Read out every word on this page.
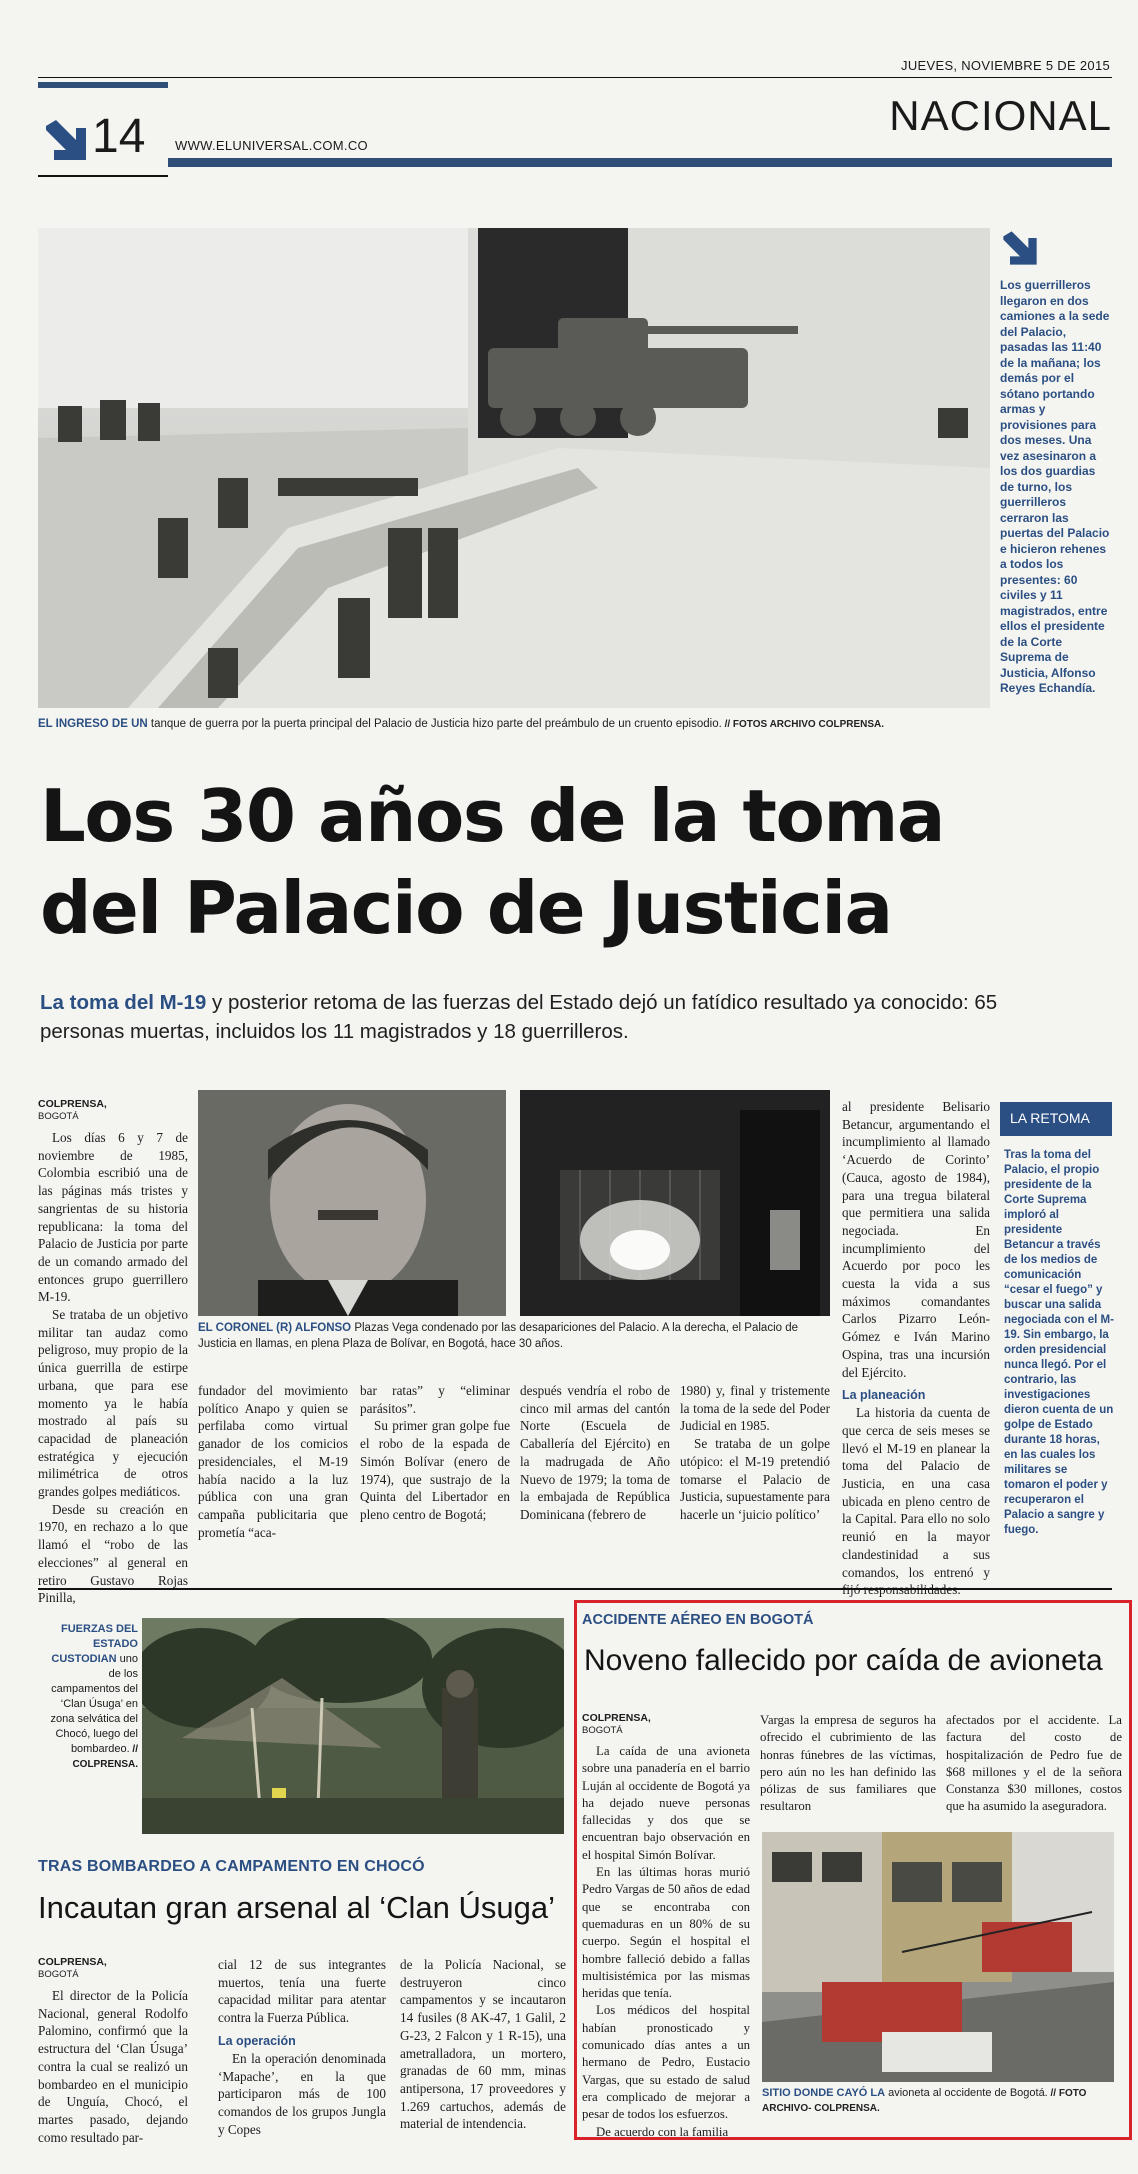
JUEVES, NOVIEMBRE 5 DE 2015
NACIONAL
14 WWW.ELUNIVERSAL.COM.CO
Los guerrilleros llegaron en dos camiones a la sede del Palacio, pasadas las 11:40 de la mañana; los demás por el sótano portando armas y provisiones para dos meses. Una vez asesinaron a los dos guardias de turno, los guerrilleros cerraron las puertas del Palacio e hicieron rehenes a todos los presentes: 60 civiles y 11 magistrados, entre ellos el presidente de la Corte Suprema de Justicia, Alfonso Reyes Echandía.
EL INGRESO DE UN tanque de guerra por la puerta principal del Palacio de Justicia hizo parte del preámbulo de un cruento episodio. // FOTOS ARCHIVO COLPRENSA.
Los 30 años de la toma
del Palacio de Justicia
La toma del M-19 y posterior retoma de las fuerzas del Estado dejó un fatídico resultado ya conocido: 65 personas muertas, incluidos los 11 magistrados y 18 guerrilleros.
COLPRENSA,
BOGOTÁ

Los días 6 y 7 de noviembre de 1985, Colombia escribió una de las páginas más tristes y sangrientas de su historia republicana: la toma del Palacio de Justicia por parte de un comando armado del entonces grupo guerrillero M-19.

Se trataba de un objetivo militar tan audaz como peligroso, muy propio de la única guerrilla de estirpe urbana, que para ese momento ya le había mostrado al país su capacidad de planeación estratégica y ejecución milimétrica de otros grandes golpes mediáticos.

Desde su creación en 1970, en rechazo a lo que llamó el “robo de las elecciones” al general en retiro Gustavo Rojas Pinilla,

EL CORONEL (R) ALFONSO Plazas Vega condenado por las desapariciones del Palacio. A la derecha, el Palacio de Justicia en llamas, en plena Plaza de Bolívar, en Bogotá, hace 30 años.

fundador del movimiento político Anapo y quien se perfilaba como virtual ganador de los comicios presidenciales, el M-19 había nacido a la luz pública con una gran campaña publicitaria que prometía “aca-

bar ratas” y “eliminar parásitos”.

Su primer gran golpe fue el robo de la espada de Simón Bolívar (enero de 1974), que sustrajo de la Quinta del Libertador en pleno centro de Bogotá;

después vendría el robo de cinco mil armas del cantón Norte (Escuela de Caballería del Ejército) en la madrugada de Año Nuevo de 1979; la toma de la embajada de República Dominicana (febrero de

1980) y, final y tristemente la toma de la sede del Poder Judicial en 1985.

Se trataba de un golpe utópico: el M-19 pretendió tomarse el Palacio de Justicia, supuestamente para hacerle un ‘juicio político’

al presidente Belisario Betancur, argumentando el incumplimiento al llamado ‘Acuerdo de Corinto’ (Cauca, agosto de 1984), para una tregua bilateral que permitiera una salida negociada. En incumplimiento del Acuerdo por poco les cuesta la vida a sus máximos comandantes Carlos Pizarro León-Gómez e Iván Marino Ospina, tras una incursión del Ejército.

La planeación

La historia da cuenta de que cerca de seis meses se llevó el M-19 en planear la toma del Palacio de Justicia, en una casa ubicada en pleno centro de la Capital. Para ello no solo reunió en la mayor clandestinidad a sus comandos, los entrenó y

LA RETOMA
Tras la toma del Palacio, el propio presidente de la Corte Suprema imploró al presidente Betancur a través de los medios de comunicación “cesar el fuego” y buscar una salida negociada con el M-19. Sin embargo, la orden presidencial nunca llegó. Por el contrario, las investigaciones dieron cuenta de un golpe de Estado durante 18 horas, en las cuales los militares se tomaron el poder y recuperaron el Palacio a sangre y fuego.
FUERZAS DEL ESTADO CUSTODIAN uno de los campamentos del ‘Clan Úsuga’ en zona selvática del Chocó, luego del bombardeo. // COLPRENSA.
TRAS BOMBARDEO A CAMPAMENTO EN CHOCÓ
Incautan gran arsenal al ‘Clan Úsuga’
COLPRENSA,
BOGOTÁ

El director de la Policía Nacional, general Rodolfo Palomino, confirmó que la estructura del ‘Clan Úsuga’ contra la cual se realizó un bombardeo en el municipio de Unguía, Chocó, el martes pasado, dejando como resultado par-

cial 12 de sus integrantes muertos, tenía una fuerte capacidad militar para atentar contra la Fuerza Pública.

La operación

En la operación denominada ‘Mapache’, en la que participaron más de 100 comandos de los grupos Jungla y Copes

de la Policía Nacional, se destruyeron cinco campamentos y se incautaron 14 fusiles (8 AK-47, 1 Galil, 2 G-23, 2 Falcon y 1 R-15), una ametralladora, un mortero, granadas de 60 mm, minas antipersona, 17 proveedores y 1.269 cartuchos, además de material de intendencia.

ACCIDENTE AÉREO EN BOGOTÁ
Noveno fallecido por caída de avioneta
COLPRENSA,
BOGOTÁ

La caída de una avioneta sobre una panadería en el barrio Luján al occidente de Bogotá ya ha dejado nueve personas fallecidas y dos que se encuentran bajo observación en el hospital Simón Bolívar.

En las últimas horas murió Pedro Vargas de 50 años de edad que se encontraba con quemaduras en un 80% de su cuerpo. Según el hospital el hombre falleció debido a fallas multisistémica por las mismas heridas que tenía.

Los médicos del hospital habían pronosticado y comunicado días antes a un hermano de Pedro, Eustacio Vargas, que su estado de salud era complicado de mejorar a pesar de todos los esfuerzos.

De acuerdo con la familia

Vargas la empresa de seguros ha ofrecido el cubrimiento de las honras fúnebres de las víctimas, pero aún no les han definido las pólizas de sus familiares que resultaron

afectados por el accidente. La factura del costo de hospitalización de Pedro fue de $68 millones y el de la señora Constanza $30 millones, costos que ha asumido la aseguradora.

SITIO DONDE CAYÓ LA avioneta al occidente de Bogotá. // FOTO ARCHIVO- COLPRENSA.
